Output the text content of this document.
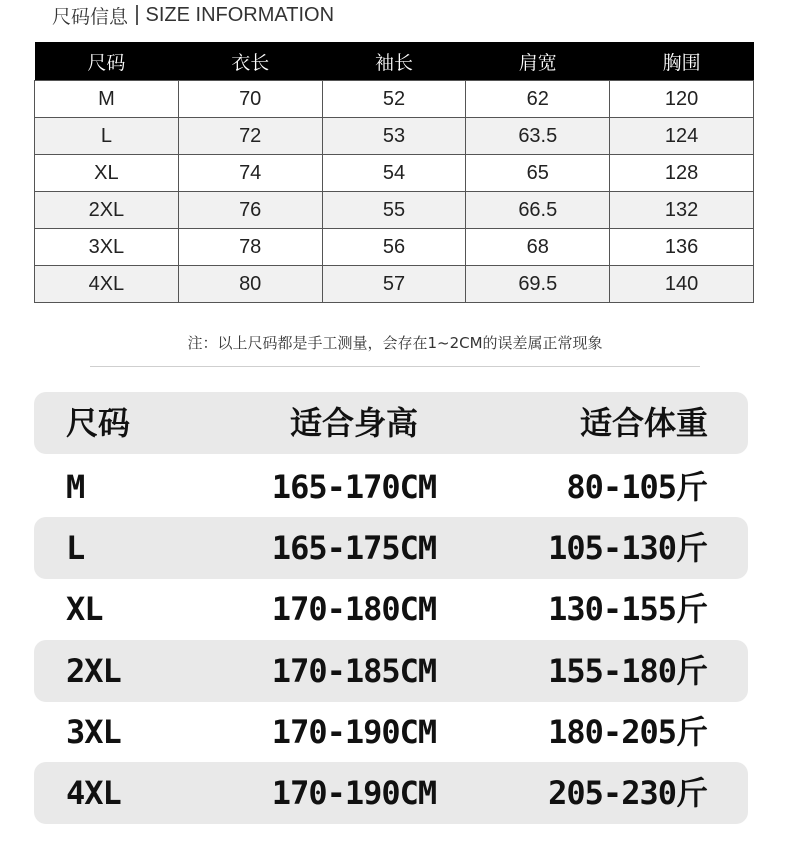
尺码信息 SIZE INFORMATION
尺码	衣长	袖长	肩宽	胸围
M	70	52	62	120
L	72	53	63.5	124
XL	74	54	65	128
2XL	76	55	66.5	132
3XL	78	56	68	136
4XL	80	57	69.5	140
注：以上尺码都是手工测量，会存在1~2CM的误差属正常现象
尺码	适合身高	适合体重
M	165-170CM	80-105斤
L	165-175CM	105-130斤
XL	170-180CM	130-155斤
2XL	170-185CM	155-180斤
3XL	170-190CM	180-205斤
4XL	170-190CM	205-230斤
